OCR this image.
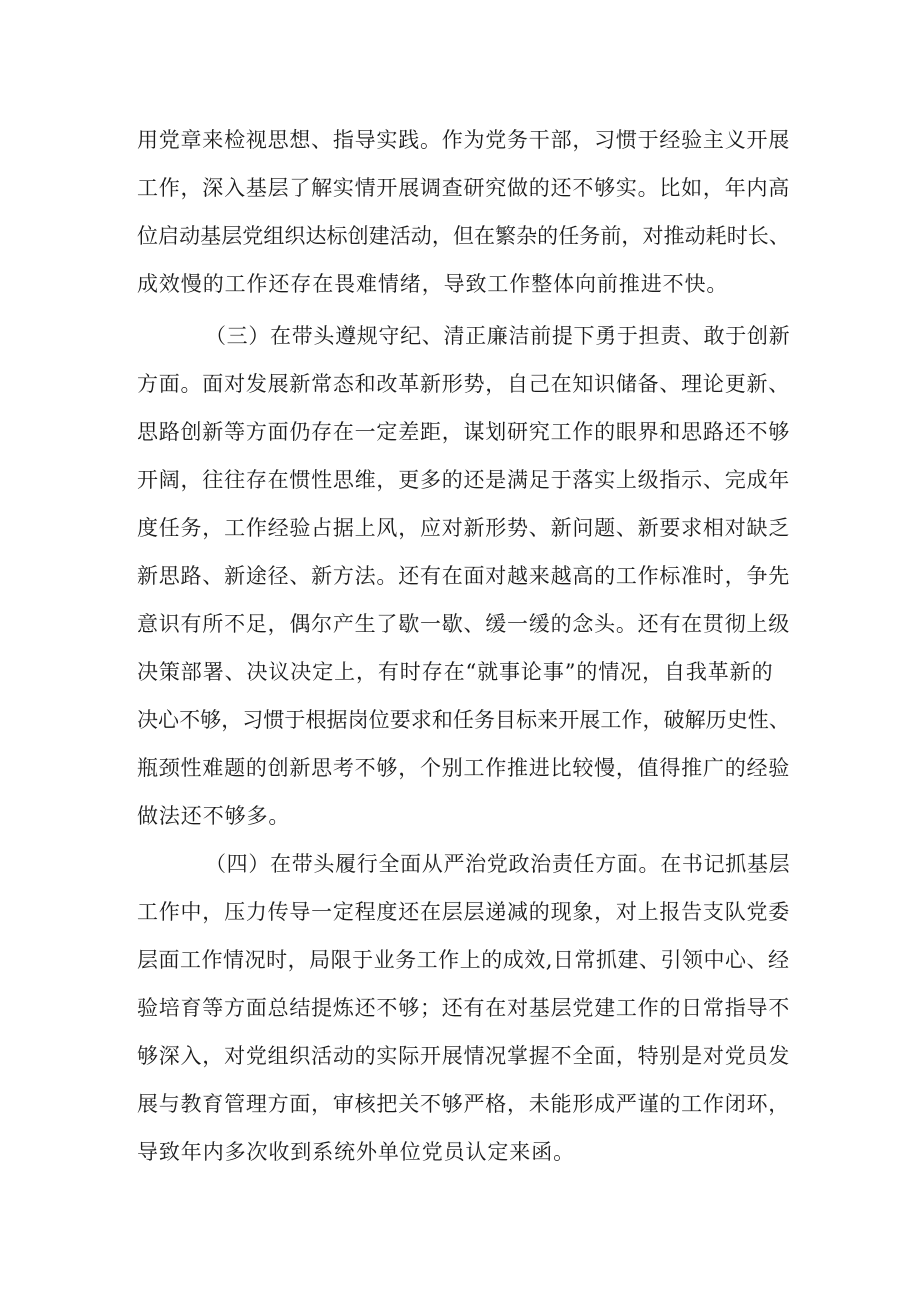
用党章来检视思想、指导实践。作为党务干部，习惯于经验主义开展
工作，深入基层了解实情开展调查研究做的还不够实。比如，年内高
位启动基层党组织达标创建活动，但在繁杂的任务前，对推动耗时长、
成效慢的工作还存在畏难情绪，导致工作整体向前推进不快。
（三）在带头遵规守纪、清正廉洁前提下勇于担责、敢于创新
方面。面对发展新常态和改革新形势，自己在知识储备、理论更新、
思路创新等方面仍存在一定差距，谋划研究工作的眼界和思路还不够
开阔，往往存在惯性思维，更多的还是满足于落实上级指示、完成年
度任务，工作经验占据上风，应对新形势、新问题、新要求相对缺乏
新思路、新途径、新方法。还有在面对越来越高的工作标准时，争先
意识有所不足，偶尔产生了歇一歇、缓一缓的念头。还有在贯彻上级
决策部署、决议决定上，有时存在“就事论事”的情况，自我革新的
决心不够，习惯于根据岗位要求和任务目标来开展工作，破解历史性、
瓶颈性难题的创新思考不够，个别工作推进比较慢，值得推广的经验
做法还不够多。
（四）在带头履行全面从严治党政治责任方面。在书记抓基层
工作中，压力传导一定程度还在层层递减的现象，对上报告支队党委
层面工作情况时，局限于业务工作上的成效,日常抓建、引领中心、经
验培育等方面总结提炼还不够；还有在对基层党建工作的日常指导不
够深入，对党组织活动的实际开展情况掌握不全面，特别是对党员发
展与教育管理方面，审核把关不够严格，未能形成严谨的工作闭环，
导致年内多次收到系统外单位党员认定来函。
